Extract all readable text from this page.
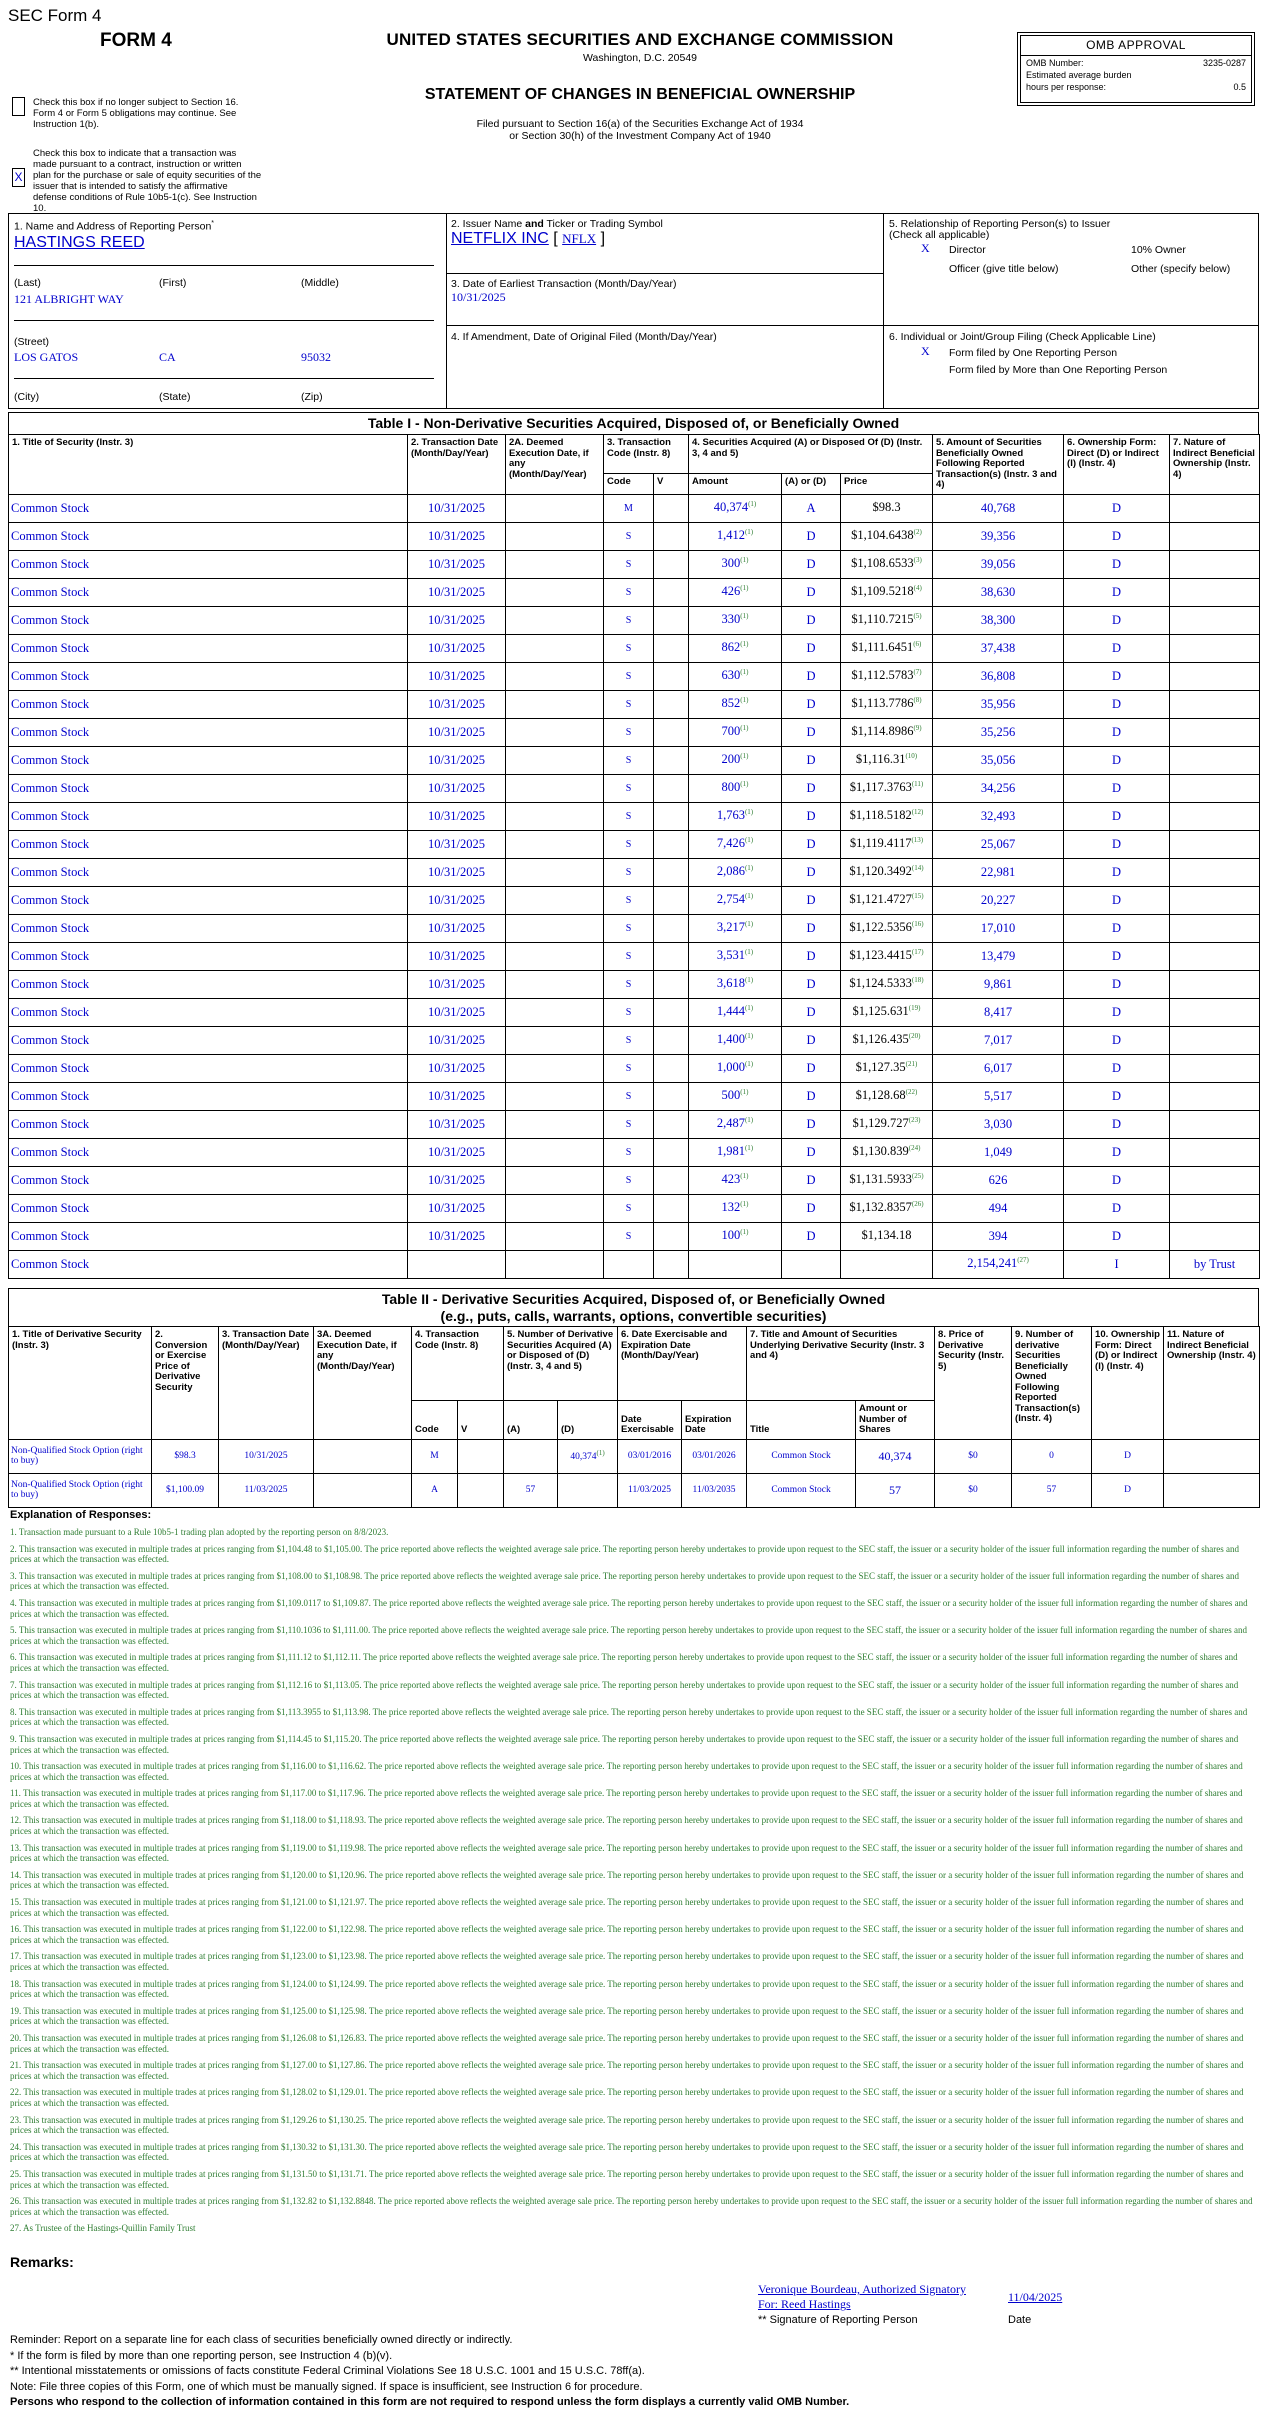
SEC Form 4
FORM 4
Check this box if no longer subject to Section 16. Form 4 or Form 5 obligations may continue. See Instruction 1(b).
X
Check this box to indicate that a transaction was made pursuant to a contract, instruction or written plan for the purchase or sale of equity securities of the issuer that is intended to satisfy the affirmative defense conditions of Rule 10b5-1(c). See Instruction 10.
UNITED STATES SECURITIES AND EXCHANGE COMMISSION
Washington, D.C. 20549
STATEMENT OF CHANGES IN BENEFICIAL OWNERSHIP
Filed pursuant to Section 16(a) of the Securities Exchange Act of 1934
or Section 30(h) of the Investment Company Act of 1940
OMB APPROVAL
OMB Number:	3235-0287
Estimated average burden
hours per response:	0.5
1. Name and Address of Reporting Person*
HASTINGS REED
(Last)	(First)	(Middle)
121 ALBRIGHT WAY
(Street)
LOS GATOS	CA	95032
(City)	(State)	(Zip)
2. Issuer Name and Ticker or Trading Symbol
NETFLIX INC [ NFLX ]
3. Date of Earliest Transaction (Month/Day/Year)
10/31/2025
4. If Amendment, Date of Original Filed (Month/Day/Year)
5. Relationship of Reporting Person(s) to Issuer
(Check all applicable)
X Director	10% Owner
Officer (give title below)	Other (specify below)
6. Individual or Joint/Group Filing (Check Applicable Line)
X Form filed by One Reporting Person
Form filed by More than One Reporting Person
Table I - Non-Derivative Securities Acquired, Disposed of, or Beneficially Owned
1. Title of Security (Instr. 3)	2. Transaction Date (Month/Day/Year)	2A. Deemed Execution Date, if any (Month/Day/Year)	3. Transaction Code (Instr. 8)		4. Securities Acquired (A) or Disposed Of (D) (Instr. 3, 4 and 5)			5. Amount of Securities Beneficially Owned Following Reported Transaction(s) (Instr. 3 and 4)	6. Ownership Form: Direct (D) or Indirect (I) (Instr. 4)	7. Nature of Indirect Beneficial Ownership (Instr. 4)
			Code	V	Amount	(A) or (D)	Price			
Common Stock	10/31/2025		M		40,374$^{(1)}$	A	$98.3	40,768	D	
Common Stock	10/31/2025		S		1,412$^{(1)}$	D	$1,104.6438$^{(2)}$	39,356	D	
Common Stock	10/31/2025		S		300$^{(1)}$	D	$1,108.6533$^{(3)}$	39,056	D	
Common Stock	10/31/2025		S		426$^{(1)}$	D	$1,109.5218$^{(4)}$	38,630	D	
Common Stock	10/31/2025		S		330$^{(1)}$	D	$1,110.7215$^{(5)}$	38,300	D	
Common Stock	10/31/2025		S		862$^{(1)}$	D	$1,111.6451$^{(6)}$	37,438	D	
Common Stock	10/31/2025		S		630$^{(1)}$	D	$1,112.5783$^{(7)}$	36,808	D	
Common Stock	10/31/2025		S		852$^{(1)}$	D	$1,113.7786$^{(8)}$	35,956	D	
Common Stock	10/31/2025		S		700$^{(1)}$	D	$1,114.8986$^{(9)}$	35,256	D	
Common Stock	10/31/2025		S		200$^{(1)}$	D	$1,116.31$^{(10)}$	35,056	D	
Common Stock	10/31/2025		S		800$^{(1)}$	D	$1,117.3763$^{(11)}$	34,256	D	
Common Stock	10/31/2025		S		1,763$^{(1)}$	D	$1,118.5182$^{(12)}$	32,493	D	
Common Stock	10/31/2025		S		7,426$^{(1)}$	D	$1,119.4117$^{(13)}$	25,067	D	
Common Stock	10/31/2025		S		2,086$^{(1)}$	D	$1,120.3492$^{(14)}$	22,981	D	
Common Stock	10/31/2025		S		2,754$^{(1)}$	D	$1,121.4727$^{(15)}$	20,227	D	
Common Stock	10/31/2025		S		3,217$^{(1)}$	D	$1,122.5356$^{(16)}$	17,010	D	
Common Stock	10/31/2025		S		3,531$^{(1)}$	D	$1,123.4415$^{(17)}$	13,479	D	
Common Stock	10/31/2025		S		3,618$^{(1)}$	D	$1,124.5333$^{(18)}$	9,861	D	
Common Stock	10/31/2025		S		1,444$^{(1)}$	D	$1,125.631$^{(19)}$	8,417	D	
Common Stock	10/31/2025		S		1,400$^{(1)}$	D	$1,126.435$^{(20)}$	7,017	D	
Common Stock	10/31/2025		S		1,000$^{(1)}$	D	$1,127.35$^{(21)}$	6,017	D	
Common Stock	10/31/2025		S		500$^{(1)}$	D	$1,128.68$^{(22)}$	5,517	D	
Common Stock	10/31/2025		S		2,487$^{(1)}$	D	$1,129.727$^{(23)}$	3,030	D	
Common Stock	10/31/2025		S		1,981$^{(1)}$	D	$1,130.839$^{(24)}$	1,049	D	
Common Stock	10/31/2025		S		423$^{(1)}$	D	$1,131.5933$^{(25)}$	626	D	
Common Stock	10/31/2025		S		132$^{(1)}$	D	$1,132.8357$^{(26)}$	494	D	
Common Stock	10/31/2025		S		100$^{(1)}$	D	$1,134.18	394	D	
Common Stock								2,154,241$^{(27)}$	I	by Trust
Table II - Derivative Securities Acquired, Disposed of, or Beneficially Owned
(e.g., puts, calls, warrants, options, convertible securities)
1. Title of Derivative Security (Instr. 3)	2. Conversion or Exercise Price of Derivative Security	3. Transaction Date (Month/Day/Year)	3A. Deemed Execution Date, if any (Month/Day/Year)	4. Transaction Code (Instr. 8)		5. Number of Derivative Securities Acquired (A) or Disposed of (D) (Instr. 3, 4 and 5)		6. Date Exercisable and Expiration Date (Month/Day/Year)		7. Title and Amount of Securities Underlying Derivative Security (Instr. 3 and 4)		8. Price of Derivative Security (Instr. 5)	9. Number of derivative Securities Beneficially Owned Following Reported Transaction(s) (Instr. 4)	10. Ownership Form: Direct (D) or Indirect (I) (Instr. 4)	11. Nature of Indirect Beneficial Ownership (Instr. 4)
				Code	V	(A)	(D)	Date Exercisable	Expiration Date	Title	Amount or Number of Shares				
Non-Qualified Stock Option (right to buy)	$98.3	10/31/2025		M			40,374$^{(1)}$	03/01/2016	03/01/2026	Common Stock	40,374	$0	0	D	
Non-Qualified Stock Option (right to buy)	$1,100.09	11/03/2025		A		57		11/03/2025	11/03/2035	Common Stock	57	$0	57	D	
Explanation of Responses:
1. Transaction made pursuant to a Rule 10b5-1 trading plan adopted by the reporting person on 8/8/2023.
2. This transaction was executed in multiple trades at prices ranging from $1,104.48 to $1,105.00. The price reported above reflects the weighted average sale price. The reporting person hereby undertakes to provide upon request to the SEC staff, the issuer or a security holder of the issuer full information regarding the number of shares and prices at which the transaction was effected.
3. This transaction was executed in multiple trades at prices ranging from $1,108.00 to $1,108.98. The price reported above reflects the weighted average sale price. The reporting person hereby undertakes to provide upon request to the SEC staff, the issuer or a security holder of the issuer full information regarding the number of shares and prices at which the transaction was effected.
4. This transaction was executed in multiple trades at prices ranging from $1,109.0117 to $1,109.87. The price reported above reflects the weighted average sale price. The reporting person hereby undertakes to provide upon request to the SEC staff, the issuer or a security holder of the issuer full information regarding the number of shares and prices at which the transaction was effected.
5. This transaction was executed in multiple trades at prices ranging from $1,110.1036 to $1,111.00. The price reported above reflects the weighted average sale price. The reporting person hereby undertakes to provide upon request to the SEC staff, the issuer or a security holder of the issuer full information regarding the number of shares and prices at which the transaction was effected.
6. This transaction was executed in multiple trades at prices ranging from $1,111.12 to $1,112.11. The price reported above reflects the weighted average sale price. The reporting person hereby undertakes to provide upon request to the SEC staff, the issuer or a security holder of the issuer full information regarding the number of shares and prices at which the transaction was effected.
7. This transaction was executed in multiple trades at prices ranging from $1,112.16 to $1,113.05. The price reported above reflects the weighted average sale price. The reporting person hereby undertakes to provide upon request to the SEC staff, the issuer or a security holder of the issuer full information regarding the number of shares and prices at which the transaction was effected.
8. This transaction was executed in multiple trades at prices ranging from $1,113.3955 to $1,113.98. The price reported above reflects the weighted average sale price. The reporting person hereby undertakes to provide upon request to the SEC staff, the issuer or a security holder of the issuer full information regarding the number of shares and prices at which the transaction was effected.
9. This transaction was executed in multiple trades at prices ranging from $1,114.45 to $1,115.20. The price reported above reflects the weighted average sale price. The reporting person hereby undertakes to provide upon request to the SEC staff, the issuer or a security holder of the issuer full information regarding the number of shares and prices at which the transaction was effected.
10. This transaction was executed in multiple trades at prices ranging from $1,116.00 to $1,116.62. The price reported above reflects the weighted average sale price. The reporting person hereby undertakes to provide upon request to the SEC staff, the issuer or a security holder of the issuer full information regarding the number of shares and prices at which the transaction was effected.
11. This transaction was executed in multiple trades at prices ranging from $1,117.00 to $1,117.96. The price reported above reflects the weighted average sale price. The reporting person hereby undertakes to provide upon request to the SEC staff, the issuer or a security holder of the issuer full information regarding the number of shares and prices at which the transaction was effected.
12. This transaction was executed in multiple trades at prices ranging from $1,118.00 to $1,118.93. The price reported above reflects the weighted average sale price. The reporting person hereby undertakes to provide upon request to the SEC staff, the issuer or a security holder of the issuer full information regarding the number of shares and prices at which the transaction was effected.
13. This transaction was executed in multiple trades at prices ranging from $1,119.00 to $1,119.98. The price reported above reflects the weighted average sale price. The reporting person hereby undertakes to provide upon request to the SEC staff, the issuer or a security holder of the issuer full information regarding the number of shares and prices at which the transaction was effected.
14. This transaction was executed in multiple trades at prices ranging from $1,120.00 to $1,120.96. The price reported above reflects the weighted average sale price. The reporting person hereby undertakes to provide upon request to the SEC staff, the issuer or a security holder of the issuer full information regarding the number of shares and prices at which the transaction was effected.
15. This transaction was executed in multiple trades at prices ranging from $1,121.00 to $1,121.97. The price reported above reflects the weighted average sale price. The reporting person hereby undertakes to provide upon request to the SEC staff, the issuer or a security holder of the issuer full information regarding the number of shares and prices at which the transaction was effected.
16. This transaction was executed in multiple trades at prices ranging from $1,122.00 to $1,122.98. The price reported above reflects the weighted average sale price. The reporting person hereby undertakes to provide upon request to the SEC staff, the issuer or a security holder of the issuer full information regarding the number of shares and prices at which the transaction was effected.
17. This transaction was executed in multiple trades at prices ranging from $1,123.00 to $1,123.98. The price reported above reflects the weighted average sale price. The reporting person hereby undertakes to provide upon request to the SEC staff, the issuer or a security holder of the issuer full information regarding the number of shares and prices at which the transaction was effected.
18. This transaction was executed in multiple trades at prices ranging from $1,124.00 to $1,124.99. The price reported above reflects the weighted average sale price. The reporting person hereby undertakes to provide upon request to the SEC staff, the issuer or a security holder of the issuer full information regarding the number of shares and prices at which the transaction was effected.
19. This transaction was executed in multiple trades at prices ranging from $1,125.00 to $1,125.98. The price reported above reflects the weighted average sale price. The reporting person hereby undertakes to provide upon request to the SEC staff, the issuer or a security holder of the issuer full information regarding the number of shares and prices at which the transaction was effected.
20. This transaction was executed in multiple trades at prices ranging from $1,126.08 to $1,126.83. The price reported above reflects the weighted average sale price. The reporting person hereby undertakes to provide upon request to the SEC staff, the issuer or a security holder of the issuer full information regarding the number of shares and prices at which the transaction was effected.
21. This transaction was executed in multiple trades at prices ranging from $1,127.00 to $1,127.86. The price reported above reflects the weighted average sale price. The reporting person hereby undertakes to provide upon request to the SEC staff, the issuer or a security holder of the issuer full information regarding the number of shares and prices at which the transaction was effected.
22. This transaction was executed in multiple trades at prices ranging from $1,128.02 to $1,129.01. The price reported above reflects the weighted average sale price. The reporting person hereby undertakes to provide upon request to the SEC staff, the issuer or a security holder of the issuer full information regarding the number of shares and prices at which the transaction was effected.
23. This transaction was executed in multiple trades at prices ranging from $1,129.26 to $1,130.25. The price reported above reflects the weighted average sale price. The reporting person hereby undertakes to provide upon request to the SEC staff, the issuer or a security holder of the issuer full information regarding the number of shares and prices at which the transaction was effected.
24. This transaction was executed in multiple trades at prices ranging from $1,130.32 to $1,131.30. The price reported above reflects the weighted average sale price. The reporting person hereby undertakes to provide upon request to the SEC staff, the issuer or a security holder of the issuer full information regarding the number of shares and prices at which the transaction was effected.
25. This transaction was executed in multiple trades at prices ranging from $1,131.50 to $1,131.71. The price reported above reflects the weighted average sale price. The reporting person hereby undertakes to provide upon request to the SEC staff, the issuer or a security holder of the issuer full information regarding the number of shares and prices at which the transaction was effected.
26. This transaction was executed in multiple trades at prices ranging from $1,132.82 to $1,132.8848. The price reported above reflects the weighted average sale price. The reporting person hereby undertakes to provide upon request to the SEC staff, the issuer or a security holder of the issuer full information regarding the number of shares and prices at which the transaction was effected.
27. As Trustee of the Hastings-Quillin Family Trust
Remarks:
Veronique Bourdeau, Authorized Signatory
For: Reed Hastings	11/04/2025
** Signature of Reporting Person	Date
Reminder: Report on a separate line for each class of securities beneficially owned directly or indirectly.
* If the form is filed by more than one reporting person, see Instruction 4 (b)(v).
** Intentional misstatements or omissions of facts constitute Federal Criminal Violations See 18 U.S.C. 1001 and 15 U.S.C. 78ff(a).
Note: File three copies of this Form, one of which must be manually signed. If space is insufficient, see Instruction 6 for procedure.
Persons who respond to the collection of information contained in this form are not required to respond unless the form displays a currently valid OMB Number.
